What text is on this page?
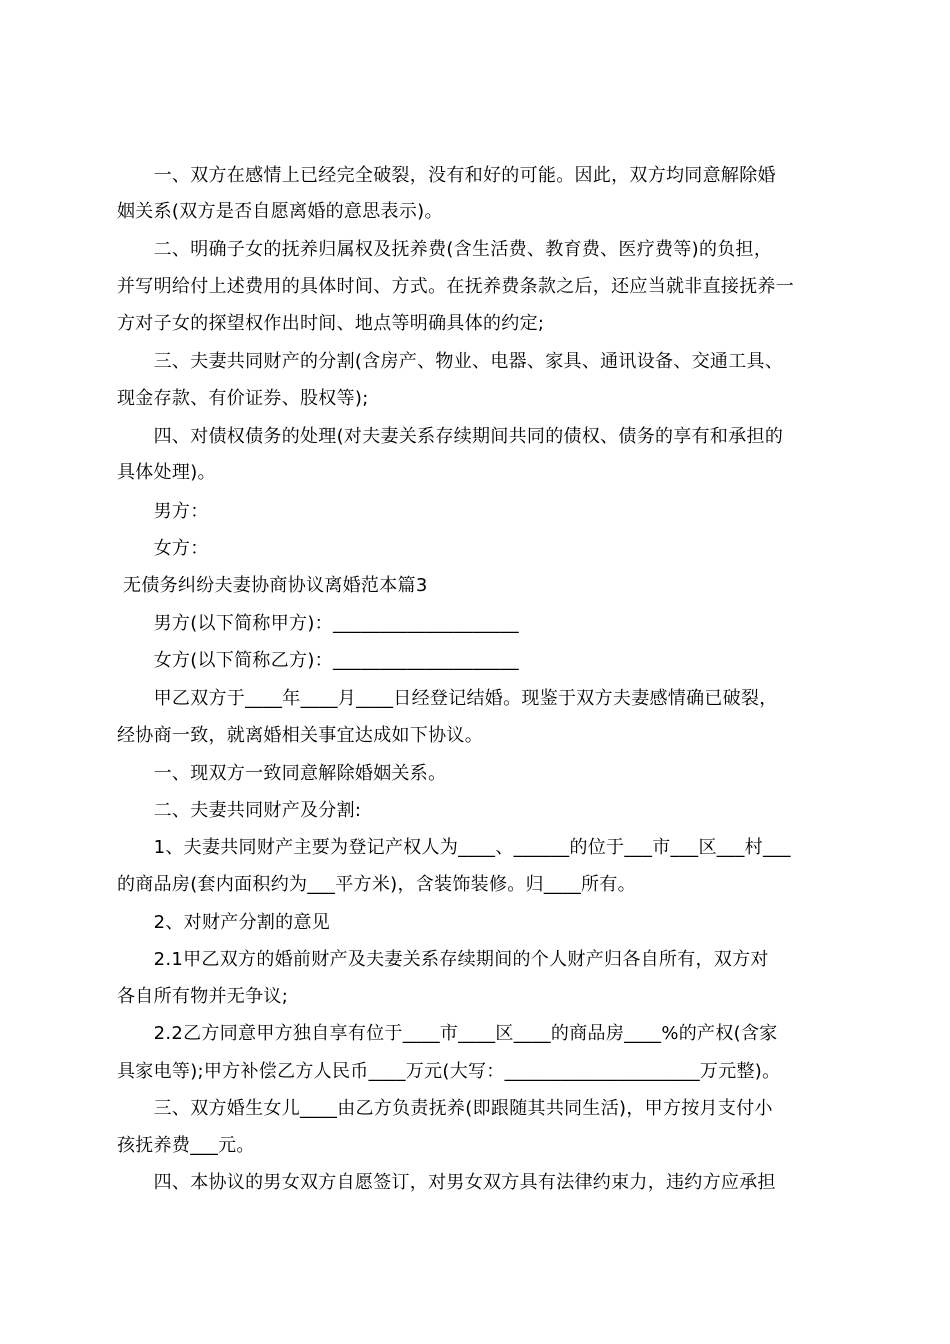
　　一、双方在感情上已经完全破裂，没有和好的可能。因此，双方均同意解除婚
姻关系(双方是否自愿离婚的意思表示)。
　　二、明确子女的抚养归属权及抚养费(含生活费、教育费、医疗费等)的负担，
并写明给付上述费用的具体时间、方式。在抚养费条款之后，还应当就非直接抚养一
方对子女的探望权作出时间、地点等明确具体的约定;
　　三、夫妻共同财产的分割(含房产、物业、电器、家具、通讯设备、交通工具、
现金存款、有价证券、股权等);
　　四、对债权债务的处理(对夫妻关系存续期间共同的债权、债务的享有和承担的
具体处理)。
　　男方：
　　女方：
无债务纠纷夫妻协商协议离婚范本篇3
　　男方(以下简称甲方)：____________________
　　女方(以下简称乙方)：____________________
　　甲乙双方于____年____月____日经登记结婚。现鉴于双方夫妻感情确已破裂，
经协商一致，就离婚相关事宜达成如下协议。
　　一、现双方一致同意解除婚姻关系。
　　二、夫妻共同财产及分割:
　　1、夫妻共同财产主要为登记产权人为____、______的位于___市___区___村___
的商品房(套内面积约为___平方米)，含装饰装修。归____所有。
　　2、对财产分割的意见
　　2.1甲乙双方的婚前财产及夫妻关系存续期间的个人财产归各自所有，双方对
各自所有物并无争议;
　　2.2乙方同意甲方独自享有位于____市____区____的商品房____%的产权(含家
具家电等);甲方补偿乙方人民币____万元(大写：_____________________万元整)。
　　三、双方婚生女儿____由乙方负责抚养(即跟随其共同生活)，甲方按月支付小
孩抚养费___元。
　　四、本协议的男女双方自愿签订，对男女双方具有法律约束力，违约方应承担
